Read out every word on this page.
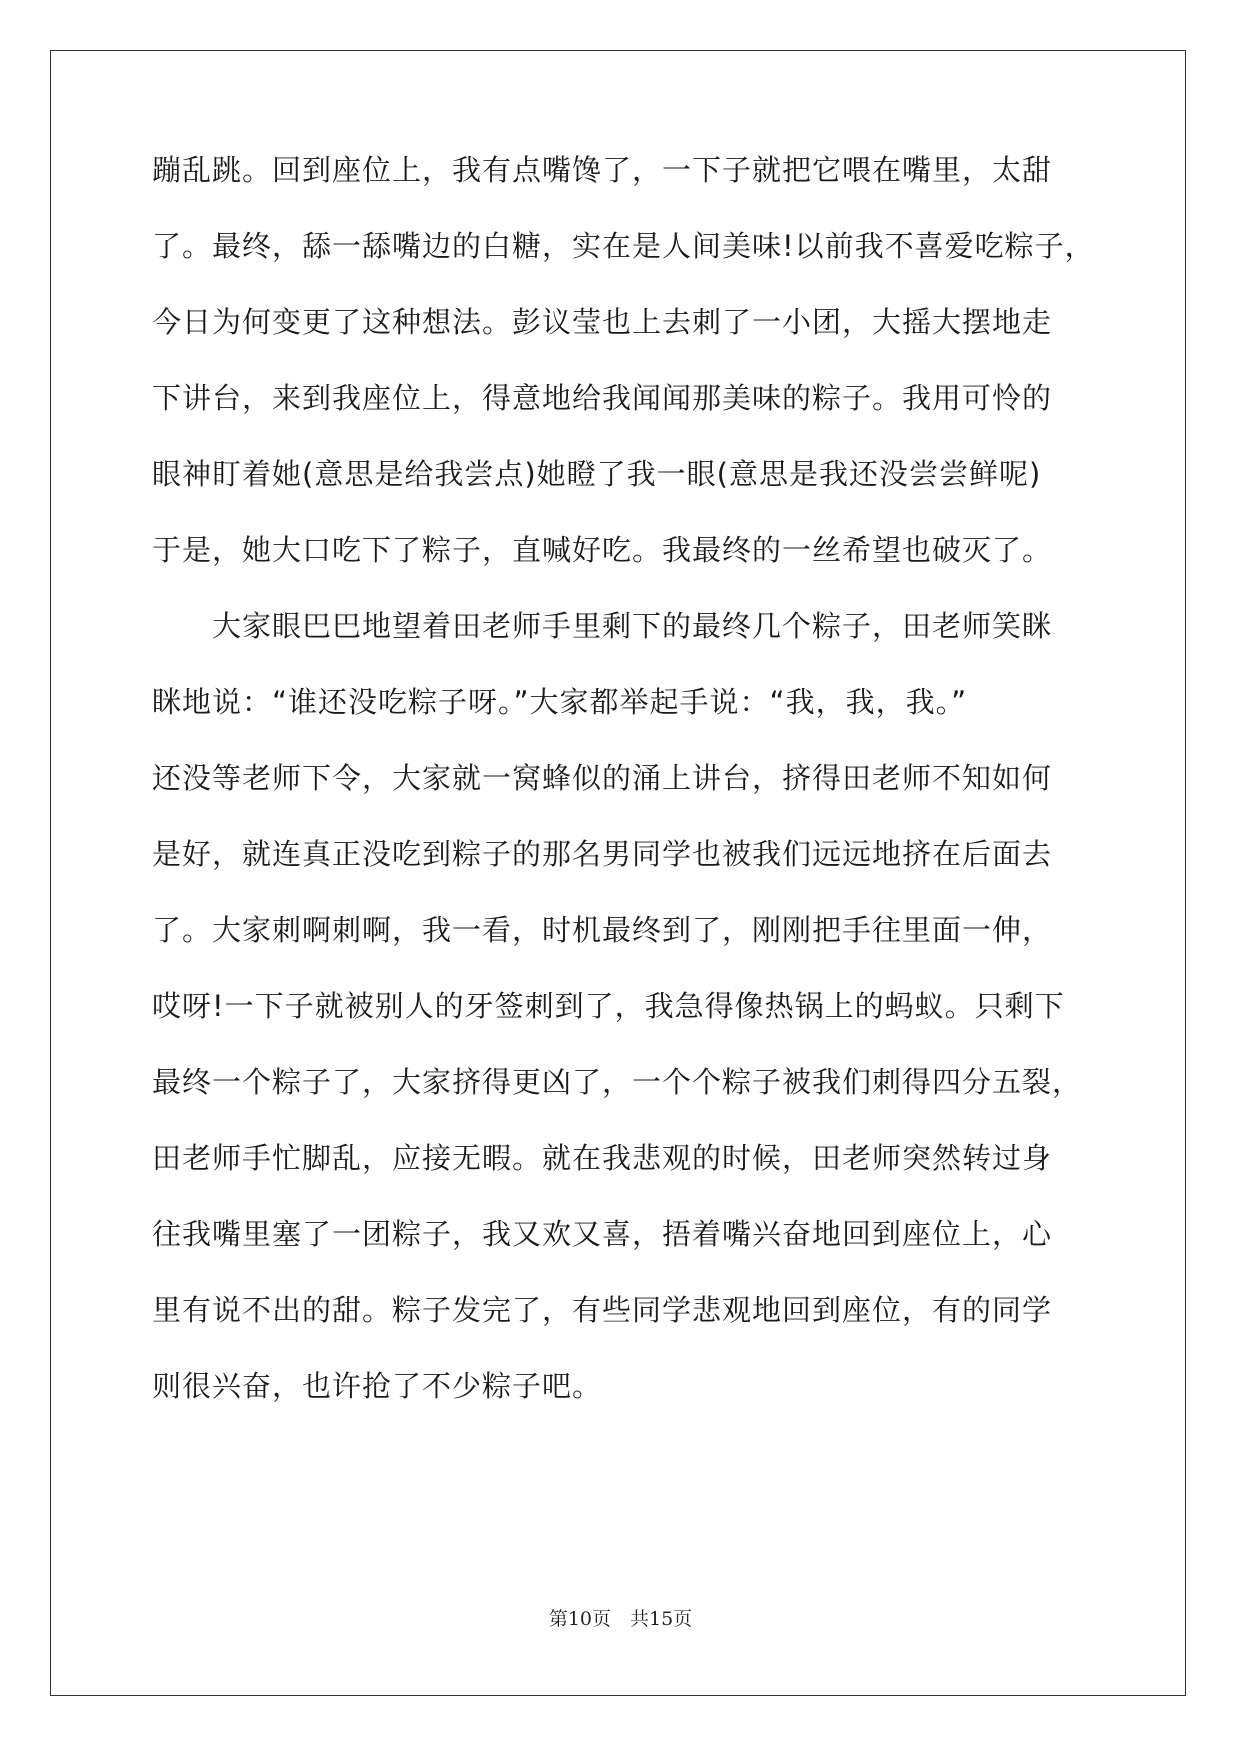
蹦乱跳。回到座位上，我有点嘴馋了，一下子就把它喂在嘴里，太甜
了。最终，舔一舔嘴边的白糖，实在是人间美味!以前我不喜爱吃粽子，
今日为何变更了这种想法。彭议莹也上去刺了一小团，大摇大摆地走
下讲台，来到我座位上，得意地给我闻闻那美味的粽子。我用可怜的
眼神盯着她(意思是给我尝点)她瞪了我一眼(意思是我还没尝尝鲜呢)
于是，她大口吃下了粽子，直喊好吃。我最终的一丝希望也破灭了。
　　大家眼巴巴地望着田老师手里剩下的最终几个粽子，田老师笑眯
眯地说：“谁还没吃粽子呀。”大家都举起手说：“我，我，我。”
还没等老师下令，大家就一窝蜂似的涌上讲台，挤得田老师不知如何
是好，就连真正没吃到粽子的那名男同学也被我们远远地挤在后面去
了。大家刺啊刺啊，我一看，时机最终到了，刚刚把手往里面一伸，
哎呀!一下子就被别人的牙签刺到了，我急得像热锅上的蚂蚁。只剩下
最终一个粽子了，大家挤得更凶了，一个个粽子被我们刺得四分五裂，
田老师手忙脚乱，应接无暇。就在我悲观的时候，田老师突然转过身
往我嘴里塞了一团粽子，我又欢又喜，捂着嘴兴奋地回到座位上，心
里有说不出的甜。粽子发完了，有些同学悲观地回到座位，有的同学
则很兴奋，也许抢了不少粽子吧。
第10页　共15页
